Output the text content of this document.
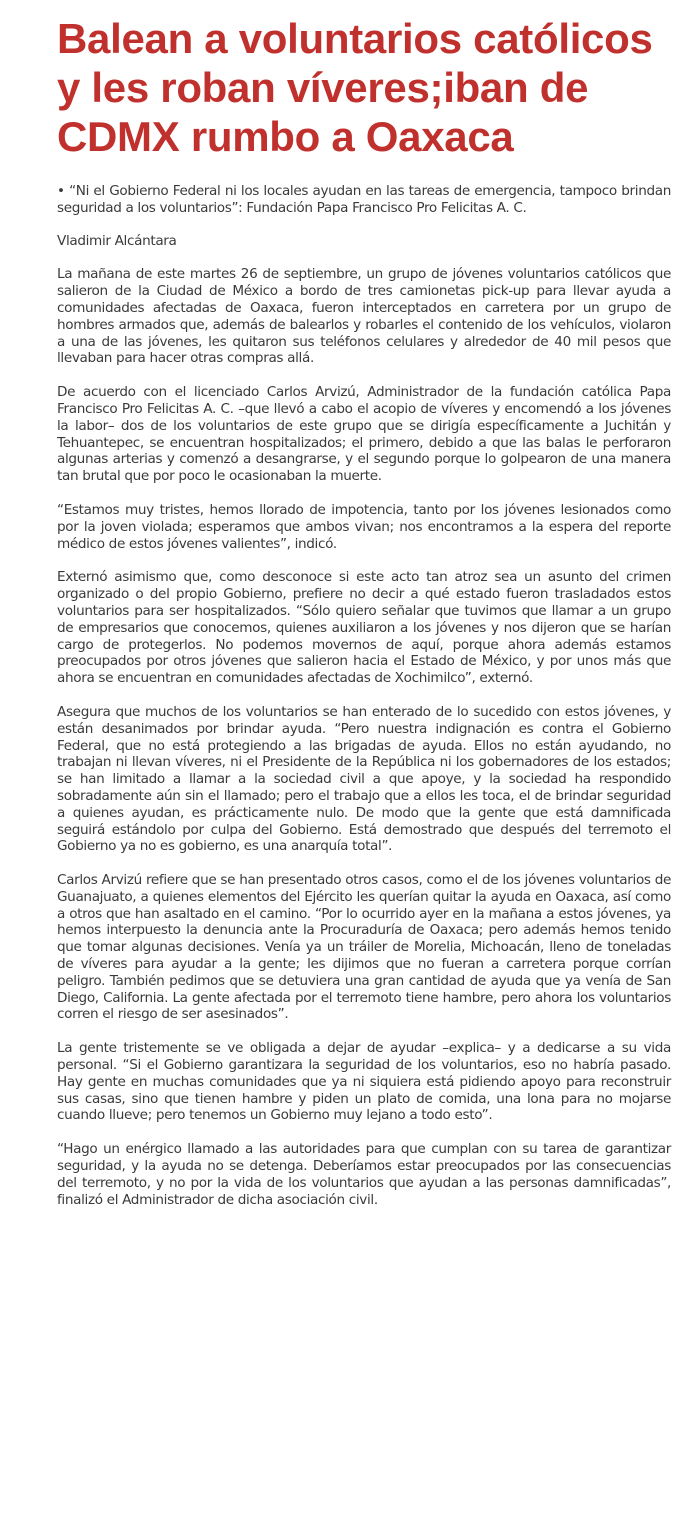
Balean a voluntarios católicos y les roban víveres;iban de CDMX rumbo a Oaxaca

• “Ni el Gobierno Federal ni los locales ayudan en las tareas de emergencia, tampoco brindan seguridad a los voluntarios”: Fundación Papa Francisco Pro Felicitas A. C.

Vladimir Alcántara

La mañana de este martes 26 de septiembre, un grupo de jóvenes voluntarios católicos que salieron de la Ciudad de México a bordo de tres camionetas pick-up para llevar ayuda a comunidades afectadas de Oaxaca, fueron interceptados en carretera por un grupo de hombres armados que, además de balearlos y robarles el contenido de los vehículos, violaron a una de las jóvenes, les quitaron sus teléfonos celulares y alrededor de 40 mil pesos que llevaban para hacer otras compras allá.

De acuerdo con el licenciado Carlos Arvizú, Administrador de la fundación católica Papa Francisco Pro Felicitas A. C. –que llevó a cabo el acopio de víveres y encomendó a los jóvenes la labor– dos de los voluntarios de este grupo que se dirigía específicamente a Juchitán y Tehuantepec, se encuentran hospitalizados; el primero, debido a que las balas le perforaron algunas arterias y comenzó a desangrarse, y el segundo porque lo golpearon de una manera tan brutal que por poco le ocasionaban la muerte.

“Estamos muy tristes, hemos llorado de impotencia, tanto por los jóvenes lesionados como por la joven violada; esperamos que ambos vivan; nos encontramos a la espera del reporte médico de estos jóvenes valientes”, indicó.

Externó asimismo que, como desconoce si este acto tan atroz sea un asunto del crimen organizado o del propio Gobierno, prefiere no decir a qué estado fueron trasladados estos voluntarios para ser hospitalizados. “Sólo quiero señalar que tuvimos que llamar a un grupo de empresarios que conocemos, quienes auxiliaron a los jóvenes y nos dijeron que se harían cargo de protegerlos. No podemos movernos de aquí, porque ahora además estamos preocupados por otros jóvenes que salieron hacia el Estado de México, y por unos más que ahora se encuentran en comunidades afectadas de Xochimilco”, externó.

Asegura que muchos de los voluntarios se han enterado de lo sucedido con estos jóvenes, y están desanimados por brindar ayuda. “Pero nuestra indignación es contra el Gobierno Federal, que no está protegiendo a las brigadas de ayuda. Ellos no están ayudando, no trabajan ni llevan víveres, ni el Presidente de la República ni los gobernadores de los estados; se han limitado a llamar a la sociedad civil a que apoye, y la sociedad ha respondido sobradamente aún sin el llamado; pero el trabajo que a ellos les toca, el de brindar seguridad a quienes ayudan, es prácticamente nulo. De modo que la gente que está damnificada seguirá estándolo por culpa del Gobierno. Está demostrado que después del terremoto el Gobierno ya no es gobierno, es una anarquía total”.

Carlos Arvizú refiere que se han presentado otros casos, como el de los jóvenes voluntarios de Guanajuato, a quienes elementos del Ejército les querían quitar la ayuda en Oaxaca, así como a otros que han asaltado en el camino. “Por lo ocurrido ayer en la mañana a estos jóvenes, ya hemos interpuesto la denuncia ante la Procuraduría de Oaxaca; pero además hemos tenido que tomar algunas decisiones. Venía ya un tráiler de Morelia, Michoacán, lleno de toneladas de víveres para ayudar a la gente; les dijimos que no fueran a carretera porque corrían peligro. También pedimos que se detuviera una gran cantidad de ayuda que ya venía de San Diego, California. La gente afectada por el terremoto tiene hambre, pero ahora los voluntarios corren el riesgo de ser asesinados”.

La gente tristemente se ve obligada a dejar de ayudar –explica– y a dedicarse a su vida personal. “Si el Gobierno garantizara la seguridad de los voluntarios, eso no habría pasado. Hay gente en muchas comunidades que ya ni siquiera está pidiendo apoyo para reconstruir sus casas, sino que tienen hambre y piden un plato de comida, una lona para no mojarse cuando llueve; pero tenemos un Gobierno muy lejano a todo esto”.

“Hago un enérgico llamado a las autoridades para que cumplan con su tarea de garantizar seguridad, y la ayuda no se detenga. Deberíamos estar preocupados por las consecuencias del terremoto, y no por la vida de los voluntarios que ayudan a las personas damnificadas”, finalizó el Administrador de dicha asociación civil.
